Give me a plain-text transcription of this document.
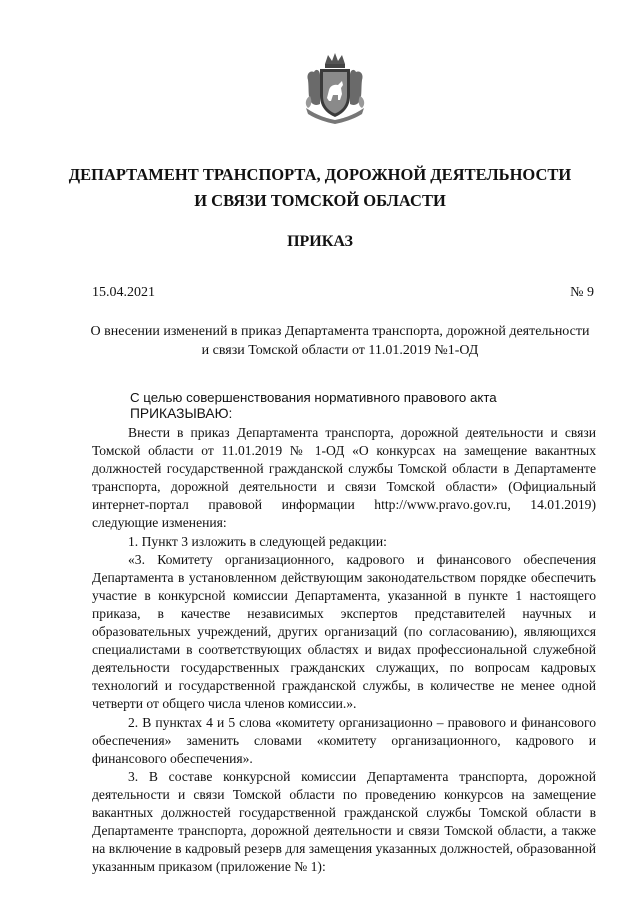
ДЕПАРТАМЕНТ ТРАНСПОРТА, ДОРОЖНОЙ ДЕЯТЕЛЬНОСТИ
И СВЯЗИ ТОМСКОЙ ОБЛАСТИ
ПРИКАЗ
15.04.2021	№ 9
О внесении изменений в приказ Департамента транспорта, дорожной деятельности
и связи Томской области от 11.01.2019 №1-ОД
С целью совершенствования нормативного правового акта
ПРИКАЗЫВАЮ:

Внести в приказ Департамента транспорта, дорожной деятельности и связи Томской области от 11.01.2019 № 1-ОД «О конкурсах на замещение вакантных должностей государственной гражданской службы Томской области в Департаменте транспорта, дорожной деятельности и связи Томской области» (Официальный интернет-портал правовой информации http://www.pravo.gov.ru, 14.01.2019) следующие изменения:

1. Пункт 3 изложить в следующей редакции:

«3. Комитету организационного, кадрового и финансового обеспечения Департамента в установленном действующим законодательством порядке обеспечить участие в конкурсной комиссии Департамента, указанной в пункте 1 настоящего приказа, в качестве независимых экспертов представителей научных и образовательных учреждений, других организаций (по согласованию), являющихся специалистами в соответствующих областях и видах профессиональной служебной деятельности государственных гражданских служащих, по вопросам кадровых технологий и государственной гражданской службы, в количестве не менее одной четверти от общего числа членов комиссии.».

2. В пунктах 4 и 5 слова «комитету организационно – правового и финансового обеспечения» заменить словами «комитету организационного, кадрового и финансового обеспечения».

3. В составе конкурсной комиссии Департамента транспорта, дорожной деятельности и связи Томской области по проведению конкурсов на замещение вакантных должностей государственной гражданской службы Томской области в Департаменте транспорта, дорожной деятельности и связи Томской области, а также на включение в кадровый резерв для замещения указанных должностей, образованной указанным приказом (приложение № 1):
